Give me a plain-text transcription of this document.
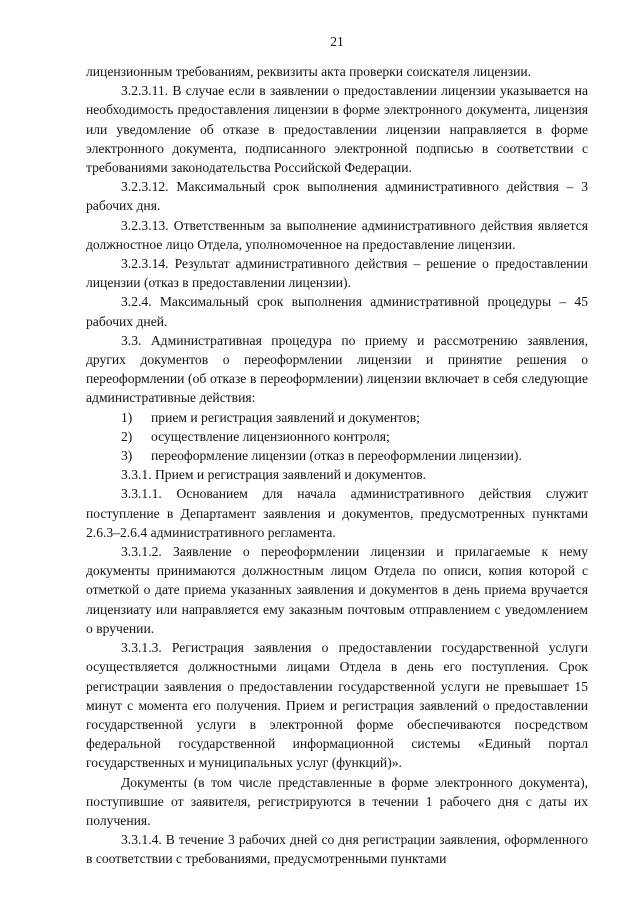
21

лицензионным требованиям, реквизиты акта проверки соискателя лицензии.

3.2.3.11. В случае если в заявлении о предоставлении лицензии указывается на необходимость предоставления лицензии в форме электронного документа, лицензия или уведомление об отказе в предоставлении лицензии направляется в форме электронного документа, подписанного электронной подписью в соответствии с требованиями законодательства Российской Федерации.

3.2.3.12. Максимальный срок выполнения административного действия – 3 рабочих дня.

3.2.3.13. Ответственным за выполнение административного действия является должностное лицо Отдела, уполномоченное на предоставление лицензии.

3.2.3.14. Результат административного действия – решение о предоставлении лицензии (отказ в предоставлении лицензии).

3.2.4. Максимальный срок выполнения административной процедуры – 45 рабочих дней.

3.3. Административная процедура по приему и рассмотрению заявления, других документов о переоформлении лицензии и принятие решения о переоформлении (об отказе в переоформлении) лицензии включает в себя следующие административные действия:

1)	прием и регистрация заявлений и документов;
2)	осуществление лицензионного контроля;
3)	переоформление лицензии (отказ в переоформлении лицензии).

3.3.1. Прием и регистрация заявлений и документов.

3.3.1.1. Основанием для начала административного действия служит поступление в Департамент заявления и документов, предусмотренных пунктами 2.6.3–2.6.4 административного регламента.

3.3.1.2. Заявление о переоформлении лицензии и прилагаемые к нему документы принимаются должностным лицом Отдела по описи, копия которой с отметкой о дате приема указанных заявления и документов в день приема вручается лицензиату или направляется ему заказным почтовым отправлением с уведомлением о вручении.

3.3.1.3. Регистрация заявления о предоставлении государственной услуги осуществляется должностными лицами Отдела в день его поступления. Срок регистрации заявления о предоставлении государственной услуги не превышает 15 минут с момента его получения. Прием и регистрация заявлений о предоставлении государственной услуги в электронной форме обеспечиваются посредством федеральной государственной информационной системы «Единый портал государственных и муниципальных услуг (функций)».

Документы (в том числе представленные в форме электронного документа), поступившие от заявителя, регистрируются в течении 1 рабочего дня с даты их получения.

3.3.1.4. В течение 3 рабочих дней со дня регистрации заявления, оформленного в соответствии с требованиями, предусмотренными пунктами
